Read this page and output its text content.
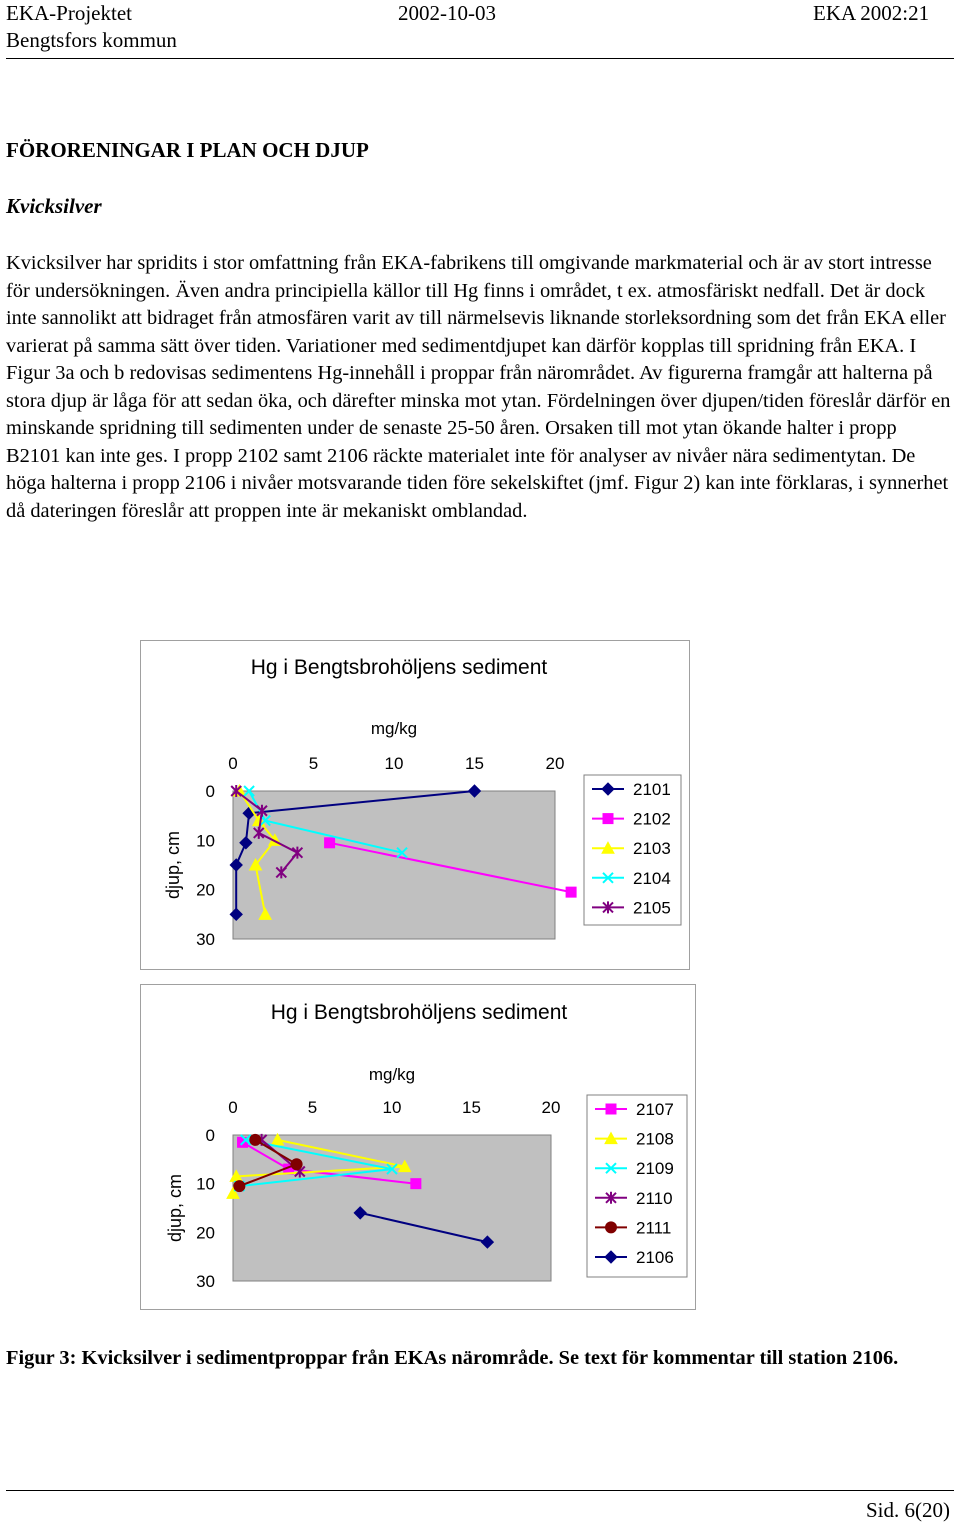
EKA-Projektet	2002-10-03	EKA 2002:21
Bengtsfors kommun
FÖRORENINGAR I PLAN OCH DJUP
Kvicksilver

Kvicksilver har spridits i stor omfattning från EKA-fabrikens till omgivande markmaterial och är av stort intresse för undersökningen. Även andra principiella källor till Hg finns i området, t ex. atmosfäriskt nedfall. Det är dock inte sannolikt att bidraget från atmosfären varit av till närmelsevis liknande storleksordning som det från EKA eller varierat på samma sätt över tiden. Variationer med sedimentdjupet kan därför kopplas till spridning från EKA. I Figur 3a och b redovisas sedimentens Hg-innehåll i proppar från närområdet. Av figurerna framgår att halterna på stora djup är låga för att sedan öka, och därefter minska mot ytan. Fördelningen över djupen/tiden föreslår därför en minskande spridning till sedimenten under de senaste 25-50 åren. Orsaken till mot ytan ökande halter i propp B2101 kan inte ges. I propp 2102 samt 2106 räckte materialet inte för analyser av nivåer nära sedimentytan. De höga halterna i propp 2106 i nivåer motsvarande tiden före sekelskiftet (jmf. Figur 2) kan inte förklaras, i synnerhet då dateringen föreslår att proppen inte är mekaniskt omblandad.

Hg i Bengtsbrohöljens sediment
mg/kg
djup, cm
0	5	10	15	20
0
10
20
30
2101
2102
2103
2104
2105
Hg i Bengtsbrohöljens sediment
mg/kg
djup, cm
0	5	10	15	20
0
10
20
30
2107
2108
2109
2110
2111
2106

Figur 3: Kvicksilver i sedimentproppar från EKAs närområde. Se text för kommentar till station 2106.

Sid. 6(20)
